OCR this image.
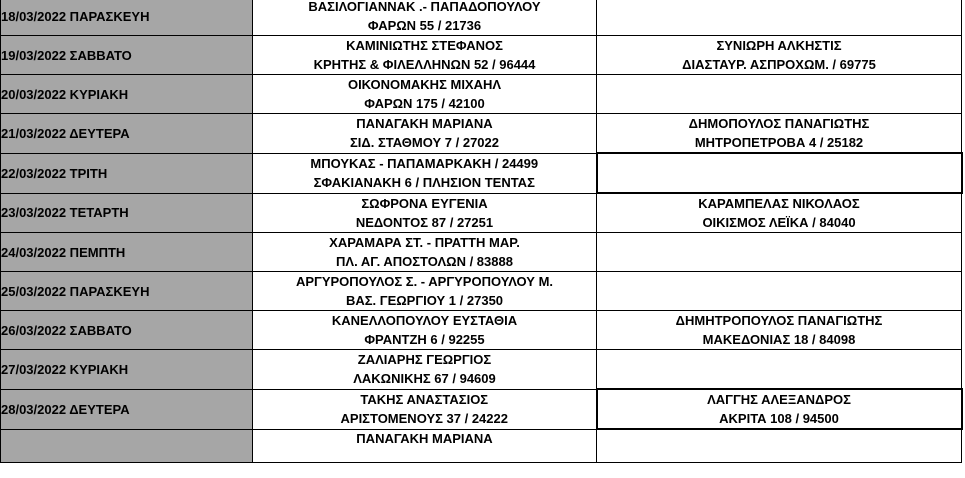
18/03/2022 ΠΑΡΑΣΚΕΥΗ	ΒΑΣΙΛΟΓΙΑΝΝΑΚ .- ΠΑΠΑΔΟΠΟΥΛΟΥ
ΦΑΡΩΝ 55 / 21736	

19/03/2022 ΣΑΒΒΑΤΟ	ΚΑΜΙΝΙΩΤΗΣ ΣΤΕΦΑΝΟΣ
ΚΡΗΤΗΣ & ΦΙΛΕΛΛΗΝΩΝ 52 / 96444	ΣΥΝΙΩΡΗ ΑΛΚΗΣΤΙΣ
ΔΙΑΣΤΑΥΡ. ΑΣΠΡΟΧΩΜ. / 69775

20/03/2022 ΚΥΡΙΑΚΗ	ΟΙΚΟΝΟΜΑΚΗΣ ΜΙΧΑΗΛ
ΦΑΡΩΝ 175 / 42100	

21/03/2022 ΔΕΥΤΕΡΑ	ΠΑΝΑΓΑΚΗ ΜΑΡΙΑΝΑ
ΣΙΔ. ΣΤΑΘΜΟΥ 7 / 27022	ΔΗΜΟΠΟΥΛΟΣ ΠΑΝΑΓΙΩΤΗΣ
ΜΗΤΡΟΠΕΤΡΟΒΑ 4 / 25182

22/03/2022 ΤΡΙΤΗ	ΜΠΟΥΚΑΣ - ΠΑΠΑΜΑΡΚΑΚΗ / 24499
ΣΦΑΚΙΑΝΑΚΗ 6 / ΠΛΗΣΙΟΝ ΤΕΝΤΑΣ	

23/03/2022 ΤΕΤΑΡΤΗ	ΣΩΦΡΟΝΑ ΕΥΓΕΝΙΑ
ΝΕΔΟΝΤΟΣ 87 / 27251	ΚΑΡΑΜΠΕΛΑΣ ΝΙΚΟΛΑΟΣ
ΟΙΚΙΣΜΟΣ ΛΕΪΚΑ / 84040

24/03/2022 ΠΕΜΠΤΗ	ΧΑΡΑΜΑΡΑ ΣΤ. - ΠΡΑΤΤΗ ΜΑΡ.
ΠΛ. ΑΓ. ΑΠΟΣΤΟΛΩΝ / 83888	

25/03/2022 ΠΑΡΑΣΚΕΥΗ	ΑΡΓΥΡΟΠΟΥΛΟΣ Σ. - ΑΡΓΥΡΟΠΟΥΛΟΥ Μ.
ΒΑΣ. ΓΕΩΡΓΙΟΥ 1 / 27350	

26/03/2022 ΣΑΒΒΑΤΟ	ΚΑΝΕΛΛΟΠΟΥΛΟΥ ΕΥΣΤΑΘΙΑ
ΦΡΑΝΤΖΗ 6 / 92255	ΔΗΜΗΤΡΟΠΟΥΛΟΣ ΠΑΝΑΓΙΩΤΗΣ
ΜΑΚΕΔΟΝΙΑΣ 18 / 84098

27/03/2022 ΚΥΡΙΑΚΗ	ΖΑΛΙΑΡΗΣ ΓΕΩΡΓΙΟΣ
ΛΑΚΩΝΙΚΗΣ 67 / 94609	

28/03/2022 ΔΕΥΤΕΡΑ	ΤΑΚΗΣ ΑΝΑΣΤΑΣΙΟΣ
ΑΡΙΣΤΟΜΕΝΟΥΣ 37 / 24222	ΛΑΓΓΗΣ ΑΛΕΞΑΝΔΡΟΣ
ΑΚΡΙΤΑ 108 / 94500

	ΠΑΝΑΓΑΚΗ ΜΑΡΙΑΝΑ	
